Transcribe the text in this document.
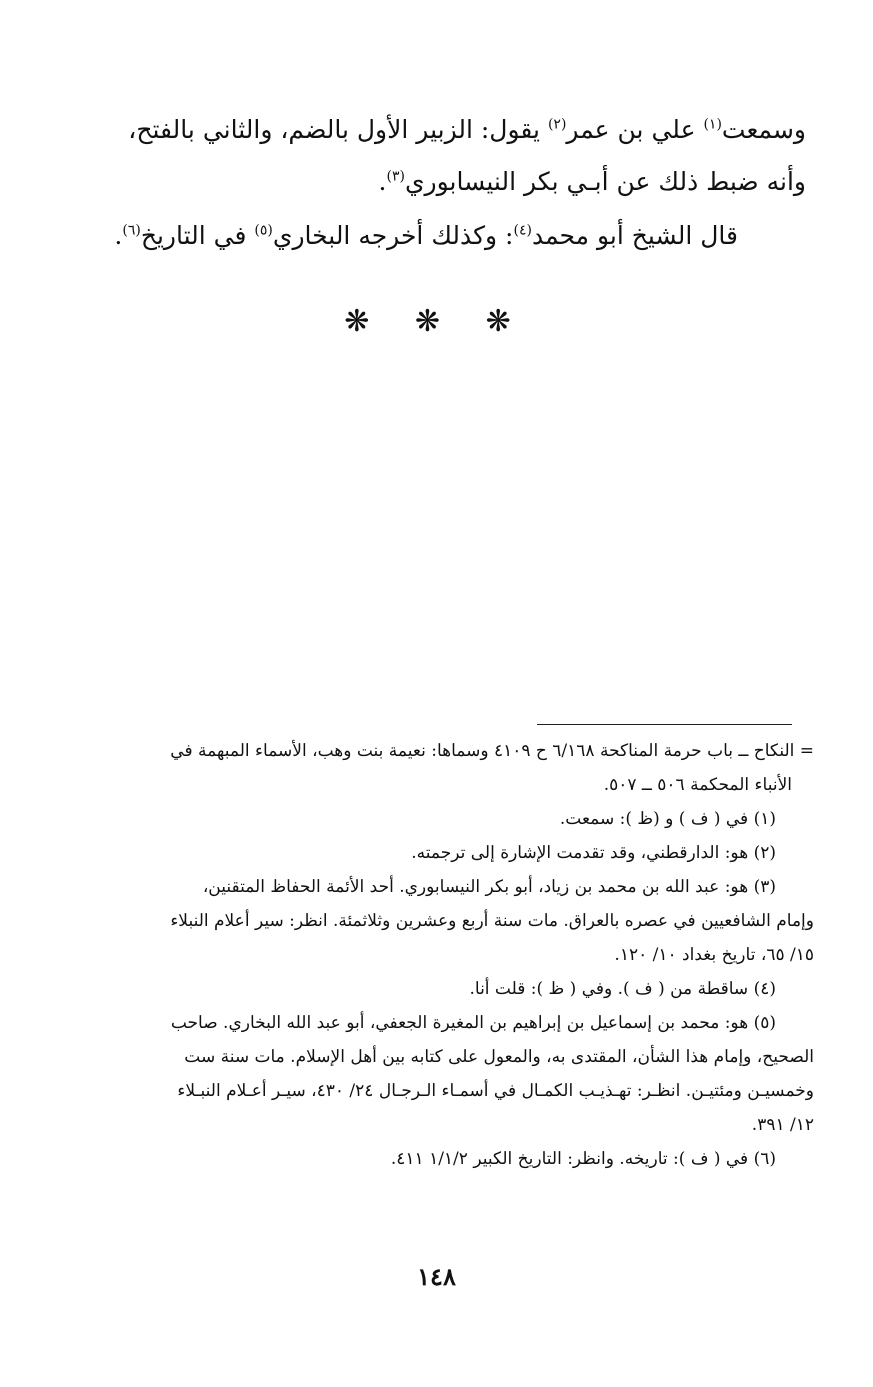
وسمعت$^{(١)}$ علي بن عمر$^{(٢)}$ يقول: الزبير الأول بالضم، والثاني بالفتح،
وأنه ضبط ذلك عن أبـي بكر النيسابوري$^{(٣)}$.

قال الشيخ أبو محمد$^{(٤)}$: وكذلك أخرجه البخاري$^{(٥)}$ في التاريخ$^{(٦)}$.

❋ ❋ ❋

= النكاح ــ باب حرمة المناكحة ٦/١٦٨ ح ٤١٠٩ وسماها: نعيمة بنت وهب، الأسماء المبهمة في

الأنباء المحكمة ٥٠٦ ــ ٥٠٧.

(١) في ( ف ) و (ظ ): سمعت.

(٢) هو: الدارقطني، وقد تقدمت الإشارة إلى ترجمته.

(٣) هو: عبد الله بن محمد بن زياد، أبو بكر النيسابوري. أحد الأئمة الحفاظ المتقنين،

وإمام الشافعيين في عصره بالعراق. مات سنة أربع وعشرين وثلاثمئة. انظر: سير أعلام النبلاء

١٥/ ٦٥، تاريخ بغداد ١٠/ ١٢٠.

(٤) ساقطة من ( ف ). وفي ( ظ ): قلت أنا.

(٥) هو: محمد بن إسماعيل بن إبراهيم بن المغيرة الجعفي، أبو عبد الله البخاري. صاحب

الصحيح، وإمام هذا الشأن، المقتدى به، والمعول على كتابه بين أهل الإسلام. مات سنة ست

وخمسيـن ومئتيـن. انظـر: تهـذيـب الكمـال في أسمـاء الـرجـال ٢٤/ ٤٣٠، سيـر أعـلام النبـلاء

١٢/ ٣٩١.

(٦) في ( ف ): تاريخه. وانظر: التاريخ الكبير ١/١/٢ ٤١١.

١٤٨
